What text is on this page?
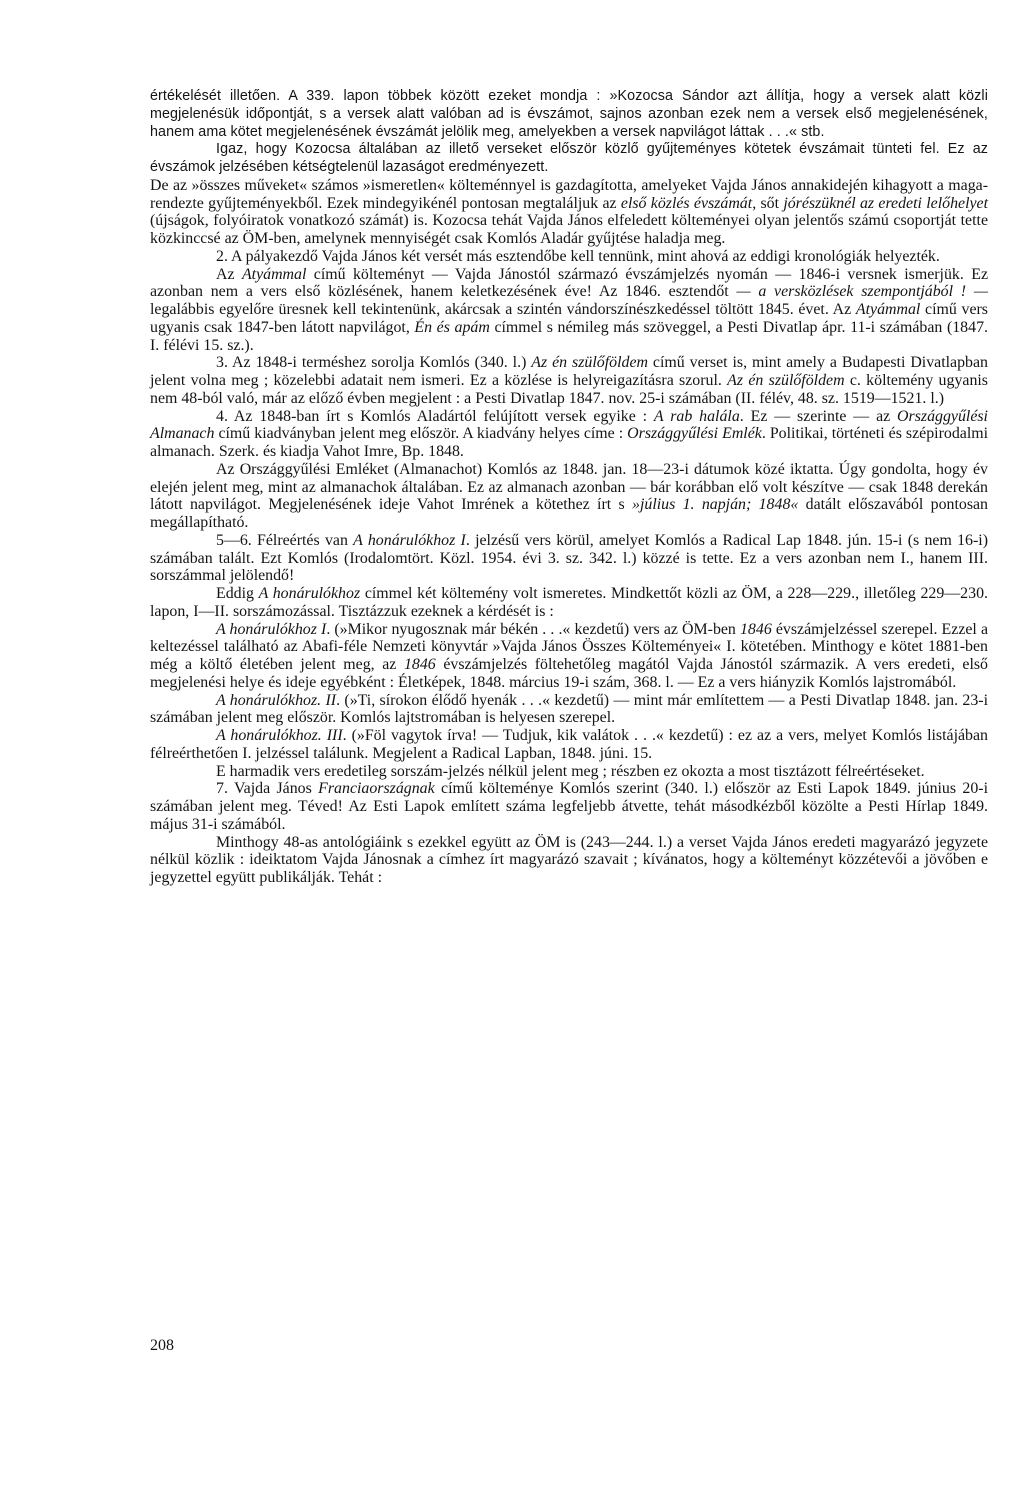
értékelését illetően. A 339. lapon többek között ezeket mondja : »Kozocsa Sándor azt állítja, hogy a versek alatt közli megjelenésük időpontját, s a versek alatt valóban ad is évszámot, sajnos azonban ezek nem a versek első megjelenésének, hanem ama kötet megjelenésének évszámát jelölik meg, amelyekben a versek napvilágot láttak . . .« stb.

Igaz, hogy Kozocsa általában az illető verseket először közlő gyűjteményes kötetek évszámait tünteti fel. Ez az évszámok jelzésében kétségtelenül lazaságot eredményezett.

De az »összes műveket« számos »ismeretlen« költeménnyel is gazdagította, amelyeket Vajda János annakidején kihagyott a maga-rendezte gyűjteményekből. Ezek mindegyikénél pontosan megtaláljuk az első közlés évszámát, sőt jórészüknél az eredeti lelőhelyet (újságok, folyóiratok vonatkozó számát) is. Kozocsa tehát Vajda János elfeledett költeményei olyan jelentős számú csoportját tette közkinccsé az ÖM-ben, amelynek mennyiségét csak Komlós Aladár gyűjtése haladja meg.

2. A pályakezdő Vajda János két versét más esztendőbe kell tennünk, mint ahová az eddigi kronológiák helyezték.

Az Atyámmal című költeményt — Vajda Jánostól származó évszámjelzés nyomán — 1846-i versnek ismerjük. Ez azonban nem a vers első közlésének, hanem keletkezésének éve! Az 1846. esztendőt — a versközlések szempontjából ! — legalábbis egyelőre üresnek kell tekintenünk, akárcsak a szintén vándorszínészkedéssel töltött 1845. évet. Az Atyámmal című vers ugyanis csak 1847-ben látott napvilágot, Én és apám címmel s némileg más szöveggel, a Pesti Divatlap ápr. 11-i számában (1847. I. félévi 15. sz.).

3. Az 1848-i terméshez sorolja Komlós (340. l.) Az én szülőföldem című verset is, mint amely a Budapesti Divatlapban jelent volna meg ; közelebbi adatait nem ismeri. Ez a közlése is helyreigazításra szorul. Az én szülőföldem c. költemény ugyanis nem 48-ból való, már az előző évben megjelent : a Pesti Divatlap 1847. nov. 25-i számában (II. félév, 48. sz. 1519—1521. l.)

4. Az 1848-ban írt s Komlós Aladártól felújított versek egyike : A rab halála. Ez — szerinte — az Országgyűlési Almanach című kiadványban jelent meg először. A kiadvány helyes címe : Országgyűlési Emlék. Politikai, történeti és szépirodalmi almanach. Szerk. és kiadja Vahot Imre, Bp. 1848.

Az Országgyűlési Emléket (Almanachot) Komlós az 1848. jan. 18—23-i dátumok közé iktatta. Úgy gondolta, hogy év elején jelent meg, mint az almanachok általában. Ez az almanach azonban — bár korábban elő volt készítve — csak 1848 derekán látott napvilágot. Megjelenésének ideje Vahot Imrének a kötethez írt s »július 1. napján; 1848« datált előszavából pontosan megállapítható.

5—6. Félreértés van A honárulókhoz I. jelzésű vers körül, amelyet Komlós a Radical Lap 1848. jún. 15-i (s nem 16-i) számában talált. Ezt Komlós (Irodalomtört. Közl. 1954. évi 3. sz. 342. l.) közzé is tette. Ez a vers azonban nem I., hanem III. sorszámmal jelölendő!

Eddig A honárulókhoz címmel két költemény volt ismeretes. Mindkettőt közli az ÖM, a 228—229., illetőleg 229—230. lapon, I—II. sorszámozással. Tisztázzuk ezeknek a kérdését is :

A honárulókhoz I. (»Mikor nyugosznak már békén . . .« kezdetű) vers az ÖM-ben 1846 évszámjelzéssel szerepel. Ezzel a keltezéssel található az Abafi-féle Nemzeti könyvtár »Vajda János Összes Költeményei« I. kötetében. Minthogy e kötet 1881-ben még a költő életében jelent meg, az 1846 évszámjelzés föltehetőleg magától Vajda Jánostól származik. A vers eredeti, első megjelenési helye és ideje egyébként : Életképek, 1848. március 19-i szám, 368. l. — Ez a vers hiányzik Komlós lajstromából.

A honárulókhoz. II. (»Ti, sírokon élődő hyenák . . .« kezdetű) — mint már említettem — a Pesti Divatlap 1848. jan. 23-i számában jelent meg először. Komlós lajtstromában is helyesen szerepel.

A honárulókhoz. III. (»Föl vagytok írva! — Tudjuk, kik valátok . . .« kezdetű) : ez az a vers, melyet Komlós listájában félreérthetően I. jelzéssel találunk. Megjelent a Radical Lapban, 1848. júni. 15.

E harmadik vers eredetileg sorszám-jelzés nélkül jelent meg ; részben ez okozta a most tisztázott félreértéseket.

7. Vajda János Franciaországnak című költeménye Komlós szerint (340. l.) először az Esti Lapok 1849. június 20-i számában jelent meg. Téved! Az Esti Lapok említett száma legfeljebb átvette, tehát másodkézből közölte a Pesti Hírlap 1849. május 31-i számából.

Minthogy 48-as antológiáink s ezekkel együtt az ÖM is (243—244. l.) a verset Vajda János eredeti magyarázó jegyzete nélkül közlik : ideiktatom Vajda Jánosnak a címhez írt magyarázó szavait ; kívánatos, hogy a költeményt közzétevői a jövőben e jegyzettel együtt publikálják. Tehát :

208
